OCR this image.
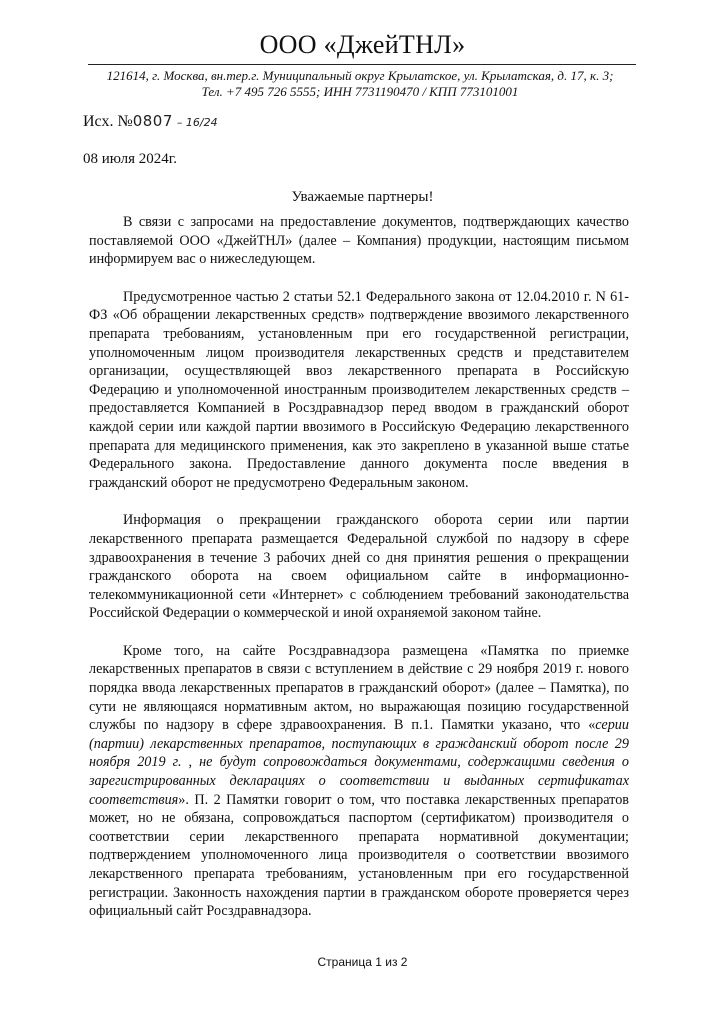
ООО «ДжейТНЛ»
121614, г. Москва, вн.тер.г. Муниципальный округ Крылатское, ул. Крылатская, д. 17, к. 3;
Тел. +7 495 726 5555; ИНН 7731190470 / КПП 773101001
Исх. №0807 – 16/24
08 июля 2024г.
Уважаемые партнеры!

В связи с запросами на предоставление документов, подтверждающих качество поставляемой ООО «ДжейТНЛ» (далее – Компания) продукции, настоящим письмом информируем вас о нижеследующем.

Предусмотренное частью 2 статьи 52.1 Федерального закона от 12.04.2010 г. N 61-ФЗ «Об обращении лекарственных средств» подтверждение ввозимого лекарственного препарата требованиям, установленным при его государственной регистрации, уполномоченным лицом производителя лекарственных средств и представителем организации, осуществляющей ввоз лекарственного препарата в Российскую Федерацию и уполномоченной иностранным производителем лекарственных средств – предоставляется Компанией в Росздравнадзор перед вводом в гражданский оборот каждой серии или каждой партии ввозимого в Российскую Федерацию лекарственного препарата для медицинского применения, как это закреплено в указанной выше статье Федерального закона. Предоставление данного документа после введения в гражданский оборот не предусмотрено Федеральным законом.

Информация о прекращении гражданского оборота серии или партии лекарственного препарата размещается Федеральной службой по надзору в сфере здравоохранения в течение 3 рабочих дней со дня принятия решения о прекращении гражданского оборота на своем официальном сайте в информационно-телекоммуникационной сети «Интернет» с соблюдением требований законодательства Российской Федерации о коммерческой и иной охраняемой законом тайне.

Кроме того, на сайте Росздравнадзора размещена «Памятка по приемке лекарственных препаратов в связи с вступлением в действие с 29 ноября 2019 г. нового порядка ввода лекарственных препаратов в гражданский оборот» (далее – Памятка), по сути не являющаяся нормативным актом, но выражающая позицию государственной службы по надзору в сфере здравоохранения. В п.1. Памятки указано, что «серии (партии) лекарственных препаратов, поступающих в гражданский оборот после 29 ноября 2019 г. , не будут сопровождаться документами, содержащими сведения о зарегистрированных декларациях о соответствии и выданных сертификатах соответствия». П. 2 Памятки говорит о том, что поставка лекарственных препаратов может, но не обязана, сопровождаться паспортом (сертификатом) производителя о соответствии серии лекарственного препарата нормативной документации; подтверждением уполномоченного лица производителя о соответствии ввозимого лекарственного препарата требованиям, установленным при его государственной регистрации. Законность нахождения партии в гражданском обороте проверяется через официальный сайт Росздравнадзора.

Страница 1 из 2
